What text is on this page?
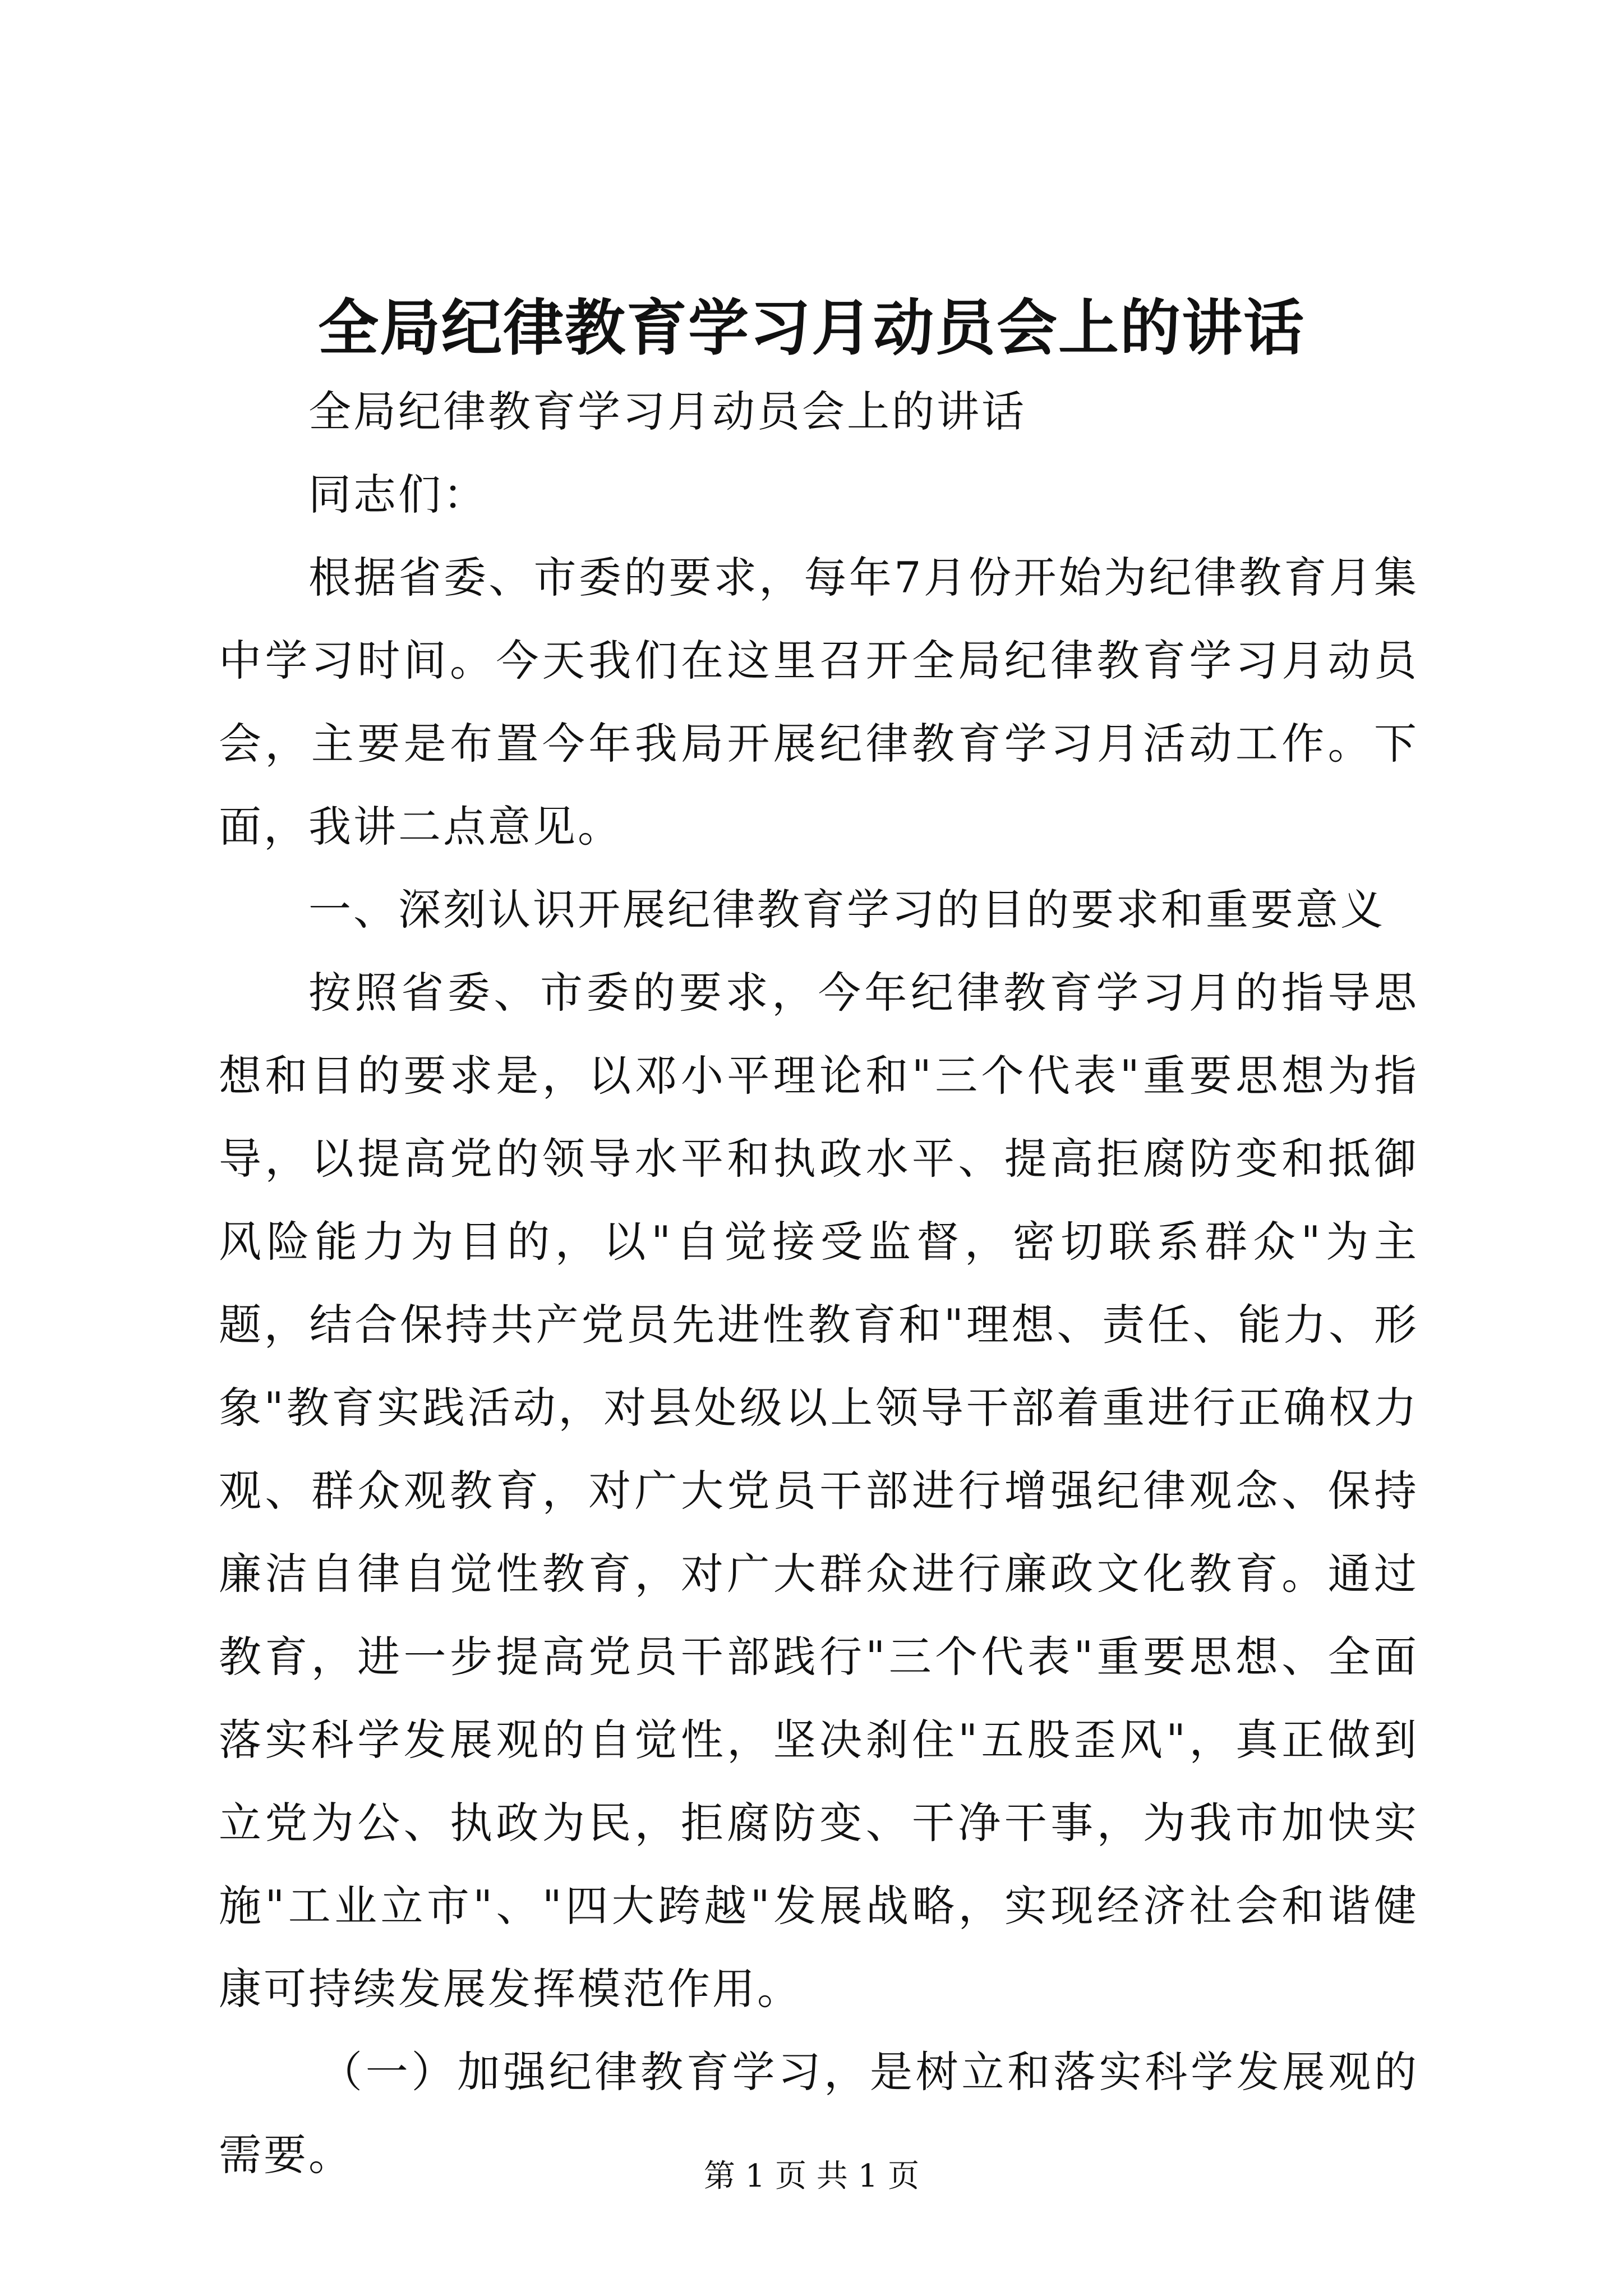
全局纪律教育学习月动员会上的讲话

全局纪律教育学习月动员会上的讲话

同志们：

根据省委、市委的要求，每年7月份开始为纪律教育月集中学习时间。今天我们在这里召开全局纪律教育学习月动员会，主要是布置今年我局开展纪律教育学习月活动工作。下面，我讲二点意见。

一、深刻认识开展纪律教育学习的目的要求和重要意义

按照省委、市委的要求，今年纪律教育学习月的指导思想和目的要求是，以邓小平理论和"三个代表"重要思想为指导，以提高党的领导水平和执政水平、提高拒腐防变和抵御风险能力为目的，以"自觉接受监督，密切联系群众"为主题，结合保持共产党员先进性教育和"理想、责任、能力、形象"教育实践活动，对县处级以上领导干部着重进行正确权力观、群众观教育，对广大党员干部进行增强纪律观念、保持廉洁自律自觉性教育，对广大群众进行廉政文化教育。通过教育，进一步提高党员干部践行"三个代表"重要思想、全面落实科学发展观的自觉性，坚决刹住"五股歪风"，真正做到立党为公、执政为民，拒腐防变、干净干事，为我市加快实施"工业立市"、"四大跨越"发展战略，实现经济社会和谐健康可持续发展发挥模范作用。

（一）加强纪律教育学习，是树立和落实科学发展观的需要。	第 1 页 共 1 页
